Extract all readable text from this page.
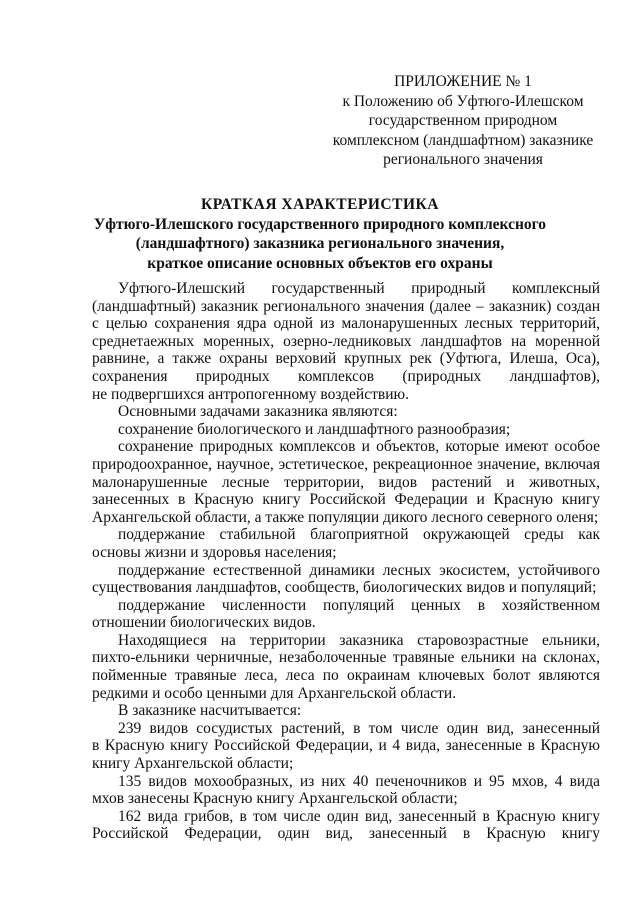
ПРИЛОЖЕНИЕ № 1
к Положению об Уфтюго-Илешском
государственном природном
комплексном (ландшафтном) заказнике
регионального значения
КРАТКАЯ ХАРАКТЕРИСТИКА
Уфтюго-Илешского государственного природного комплексного
(ландшафтного) заказника регионального значения,
краткое описание основных объектов его охраны
Уфтюго-Илешский государственный природный комплексный
(ландшафтный) заказник регионального значения (далее – заказник) создан
с целью сохранения ядра одной из малонарушенных лесных территорий,
среднетаежных моренных, озерно-ледниковых ландшафтов на моренной
равнине, а также охраны верховий крупных рек (Уфтюга, Илеша, Оса),
сохранения природных комплексов (природных ландшафтов),
не подвергшихся антропогенному воздействию.
Основными задачами заказника являются:
сохранение биологического и ландшафтного разнообразия;
сохранение природных комплексов и объектов, которые имеют особое
природоохранное, научное, эстетическое, рекреационное значение, включая
малонарушенные лесные территории, видов растений и животных,
занесенных в Красную книгу Российской Федерации и Красную книгу
Архангельской области, а также популяции дикого лесного северного оленя;
поддержание стабильной благоприятной окружающей среды как
основы жизни и здоровья населения;
поддержание естественной динамики лесных экосистем, устойчивого
существования ландшафтов, сообществ, биологических видов и популяций;
поддержание численности популяций ценных в хозяйственном
отношении биологических видов.
Находящиеся на территории заказника старовозрастные ельники,
пихто-ельники черничные, незаболоченные травяные ельники на склонах,
пойменные травяные леса, леса по окраинам ключевых болот являются
редкими и особо ценными для Архангельской области.
В заказнике насчитывается:
239 видов сосудистых растений, в том числе один вид, занесенный
в Красную книгу Российской Федерации, и 4 вида, занесенные в Красную
книгу Архангельской области;
135 видов мохообразных, из них 40 печеночников и 95 мхов, 4 вида
мхов занесены Красную книгу Архангельской области;
162 вида грибов, в том числе один вид, занесенный в Красную книгу
Российской Федерации, один вид, занесенный в Красную книгу
